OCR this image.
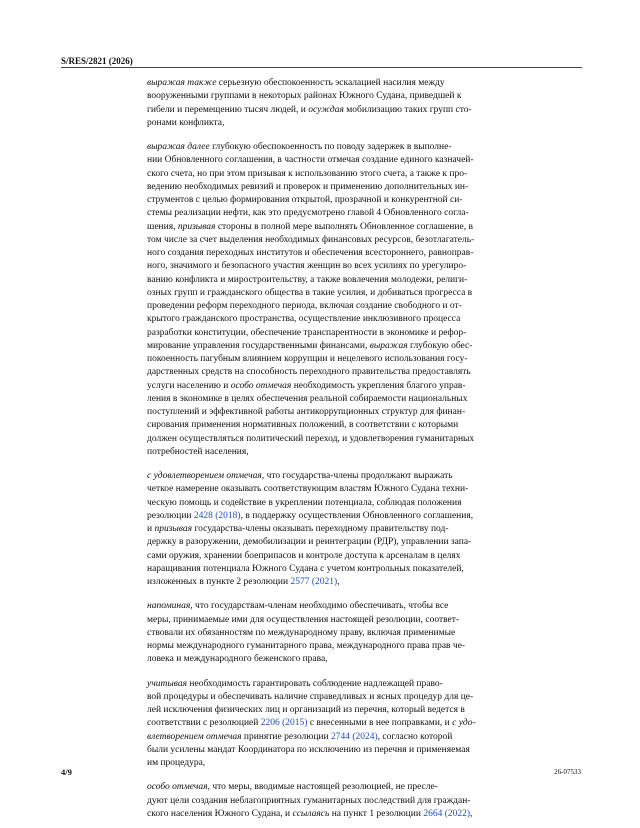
S/RES/2821 (2026)
выражая также серьезную обеспокоенность эскалацией насилия между
вооруженными группами в некоторых районах Южного Судана, приведшей к
гибели и перемещению тысяч людей, и осуждая мобилизацию таких групп сто-
ронами конфликта,
выражая далее глубокую обеспокоенность по поводу задержек в выполне-
нии Обновленного соглашения, в частности отмечая создание единого казначей-
ского счета, но при этом призывая к использованию этого счета, а также к про-
ведению необходимых ревизий и проверок и применению дополнительных ин-
струментов с целью формирования открытой, прозрачной и конкурентной си-
стемы реализации нефти, как это предусмотрено главой 4 Обновленного согла-
шения, призывая стороны в полной мере выполнять Обновленное соглашение, в
том числе за счет выделения необходимых финансовых ресурсов, безотлагатель-
ного создания переходных институтов и обеспечения всестороннего, равноправ-
ного, значимого и безопасного участия женщин во всех усилиях по урегулиро-
ванию конфликта и миростроительству, а также вовлечения молодежи, религи-
озных групп и гражданского общества в такие усилия, и добиваться прогресса в
проведении реформ переходного периода, включая создание свободного и от-
крытого гражданского пространства, осуществление инклюзивного процесса
разработки конституции, обеспечение транспарентности в экономике и рефор-
мирование управления государственными финансами, выражая глубокую обес-
покоенность пагубным влиянием коррупции и нецелевого использования госу-
дарственных средств на способность переходного правительства предоставлять
услуги населению и особо отмечая необходимость укрепления благого управ-
ления в экономике в целях обеспечения реальной собираемости национальных
поступлений и эффективной работы антикоррупционных структур для финан-
сирования применения нормативных положений, в соответствии с которыми
должен осуществляться политический переход, и удовлетворения гуманитарных
потребностей населения,
с удовлетворением отмечая, что государства-члены продолжают выражать
четкое намерение оказывать соответствующим властям Южного Судана техни-
ческую помощь и содействие в укреплении потенциала, соблюдая положения
резолюции 2428 (2018), в поддержку осуществления Обновленного соглашения,
и призывая государства-члены оказывать переходному правительству под-
держку в разоружении, демобилизации и реинтеграции (РДР), управлении запа-
сами оружия, хранении боеприпасов и контроле доступа к арсеналам в целях
наращивания потенциала Южного Судана с учетом контрольных показателей,
изложенных в пункте 2 резолюции 2577 (2021),
напоминая, что государствам-членам необходимо обеспечивать, чтобы все
меры, принимаемые ими для осуществления настоящей резолюции, соответ-
ствовали их обязанностям по международному праву, включая применимые
нормы международного гуманитарного права, международного права прав че-
ловека и международного беженского права,
учитывая необходимость гарантировать соблюдение надлежащей право-
вой процедуры и обеспечивать наличие справедливых и ясных процедур для це-
лей исключения физических лиц и организаций из перечня, который ведется в
соответствии с резолюцией 2206 (2015) с внесенными в нее поправками, и с удо-
влетворением отмечая принятие резолюции 2744 (2024), согласно которой
были усилены мандат Координатора по исключению из перечня и применяемая
им процедура,
особо отмечая, что меры, вводимые настоящей резолюцией, не пресле-
дуют цели создания неблагоприятных гуманитарных последствий для граждан-
ского населения Южного Судана, и ссылаясь на пункт 1 резолюции 2664 (2022),
4/9	26-07533
